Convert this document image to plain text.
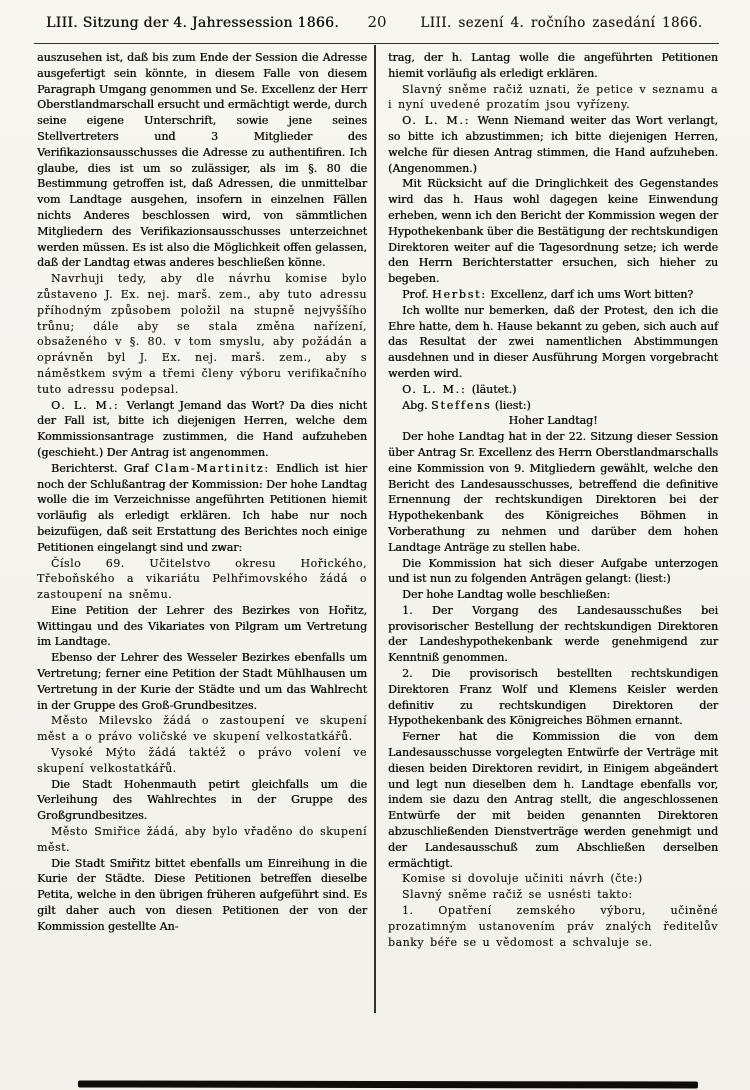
LIII. Sitzung der 4. Jahressession 1866.	20	LIII. sezení 4. ročního zasedání 1866.

auszusehen ist, daß bis zum Ende der Session die Adresse ausgefertigt sein könnte, in diesem Falle von diesem Paragraph Umgang genommen und Se. Excellenz der Herr Oberstlandmarschall ersucht und ermächtigt werde, durch seine eigene Unterschrift, sowie jene seines Stellvertreters und 3 Mitglieder des Verifikazionsausschusses die Adresse zu authentifiren. Ich glaube, dies ist um so zulässiger, als im §. 80 die Bestimmung getroffen ist, daß Adressen, die unmittelbar vom Landtage ausgehen, insofern in einzelnen Fällen nichts Anderes beschlossen wird, von sämmtlichen Mitgliedern des Verifikazionsausschusses unterzeichnet werden müssen. Es ist also die Möglichkeit offen gelassen, daß der Landtag etwas anderes beschließen könne.

Navrhuji tedy, aby dle návrhu komise bylo zůstaveno J. Ex. nej. marš. zem., aby tuto adressu příhodným způsobem položil na stupně nejvyššího trůnu; dále aby se stala změna nařízení, obsaženého v §. 80. v tom smyslu, aby požádán a oprávněn byl J. Ex. nej. marš. zem., aby s náměstkem svým a třemi členy výboru verifikačního tuto adressu podepsal.

O. L. M.: Verlangt Jemand das Wort? Da dies nicht der Fall ist, bitte ich diejenigen Herren, welche dem Kommissionsantrage zustimmen, die Hand aufzuheben (geschieht.) Der Antrag ist angenommen.

Berichterst. Graf Clam-Martinitz: Endlich ist hier noch der Schlußantrag der Kommission: Der hohe Landtag wolle die im Verzeichnisse angeführten Petitionen hiemit vorläufig als erledigt erklären. Ich habe nur noch beizufügen, daß seit Erstattung des Berichtes noch einige Petitionen eingelangt sind und zwar:

Číslo 69. Učitelstvo okresu Hořického, Třeboňského a vikariátu Pelhřimovského žádá o zastoupení na sněmu.

Eine Petition der Lehrer des Bezirkes von Hořitz, Wittingau und des Vikariates von Pilgram um Vertretung im Landtage.

Ebenso der Lehrer des Wesseler Bezirkes ebenfalls um Vertretung; ferner eine Petition der Stadt Mühlhausen um Vertretung in der Kurie der Städte und um das Wahlrecht in der Gruppe des Groß-Grundbesitzes.

Město Milevsko žádá o zastoupení ve skupení měst a o právo voličské ve skupení velkostatkářů.

Vysoké Mýto žádá taktéž o právo volení ve skupení velkostatkářů.

Die Stadt Hohenmauth petirt gleichfalls um die Verleihung des Wahlrechtes in der Gruppe des Großgrundbesitzes.

Město Smiřice žádá, aby bylo vřaděno do skupení měst.

Die Stadt Smiřitz bittet ebenfalls um Einreihung in die Kurie der Städte. Diese Petitionen betreffen dieselbe Petita, welche in den übrigen früheren aufgeführt sind. Es gilt daher auch von diesen Petitionen der von der Kommission gestellte An-

trag, der h. Lantag wolle die angeführten Petitionen hiemit vorläufig als erledigt erklären.

Slavný sněme račiž uznati, že petice v seznamu a i nyní uvedené prozatím jsou vyřízeny.

O. L. M.: Wenn Niemand weiter das Wort verlangt, so bitte ich abzustimmen; ich bitte diejenigen Herren, welche für diesen Antrag stimmen, die Hand aufzuheben. (Angenommen.)

Mit Rücksicht auf die Dringlichkeit des Gegenstandes wird das h. Haus wohl dagegen keine Einwendung erheben, wenn ich den Bericht der Kommission wegen der Hypothekenbank über die Bestätigung der rechtskundigen Direktoren weiter auf die Tagesordnung setze; ich werde den Herrn Berichterstatter ersuchen, sich hieher zu begeben.

Prof. Herbst: Excellenz, darf ich ums Wort bitten?

Ich wollte nur bemerken, daß der Protest, den ich die Ehre hatte, dem h. Hause bekannt zu geben, sich auch auf das Resultat der zwei namentlichen Abstimmungen ausdehnen und in dieser Ausführung Morgen vorgebracht werden wird.

O. L. M.: (läutet.)

Abg. Steffens (liest:)

Hoher Landtag!

Der hohe Landtag hat in der 22. Sitzung dieser Session über Antrag Sr. Excellenz des Herrn Oberstlandmarschalls eine Kommission von 9. Mitgliedern gewählt, welche den Bericht des Landesausschusses, betreffend die definitive Ernennung der rechtskundigen Direktoren bei der Hypothekenbank des Königreiches Böhmen in Vorberathung zu nehmen und darüber dem hohen Landtage Anträge zu stellen habe.

Die Kommission hat sich dieser Aufgabe unterzogen und ist nun zu folgenden Anträgen gelangt: (liest:)

Der hohe Landtag wolle beschließen:

1. Der Vorgang des Landesausschußes bei provisorischer Bestellung der rechtskundigen Direktoren der Landeshypothekenbank werde genehmigend zur Kenntniß genommen.

2. Die provisorisch bestellten rechtskundigen Direktoren Franz Wolf und Klemens Keisler werden definitiv zu rechtskundigen Direktoren der Hypothekenbank des Königreiches Böhmen ernannt.

Ferner hat die Kommission die von dem Landesausschusse vorgelegten Entwürfe der Verträge mit diesen beiden Direktoren revidirt, in Einigem abgeändert und legt nun dieselben dem h. Landtage ebenfalls vor, indem sie dazu den Antrag stellt, die angeschlossenen Entwürfe der mit beiden genannten Direktoren abzuschließenden Dienstverträge werden genehmigt und der Landesausschuß zum Abschließen derselben ermächtigt.

Komise si dovoluje učiniti návrh (čte:)

Slavný sněme račiž se usnésti takto:

1. Opatření zemského výboru, učiněné prozatimným ustanovením práv znalých ředitelův banky béře se u vědomost a schvaluje se.
